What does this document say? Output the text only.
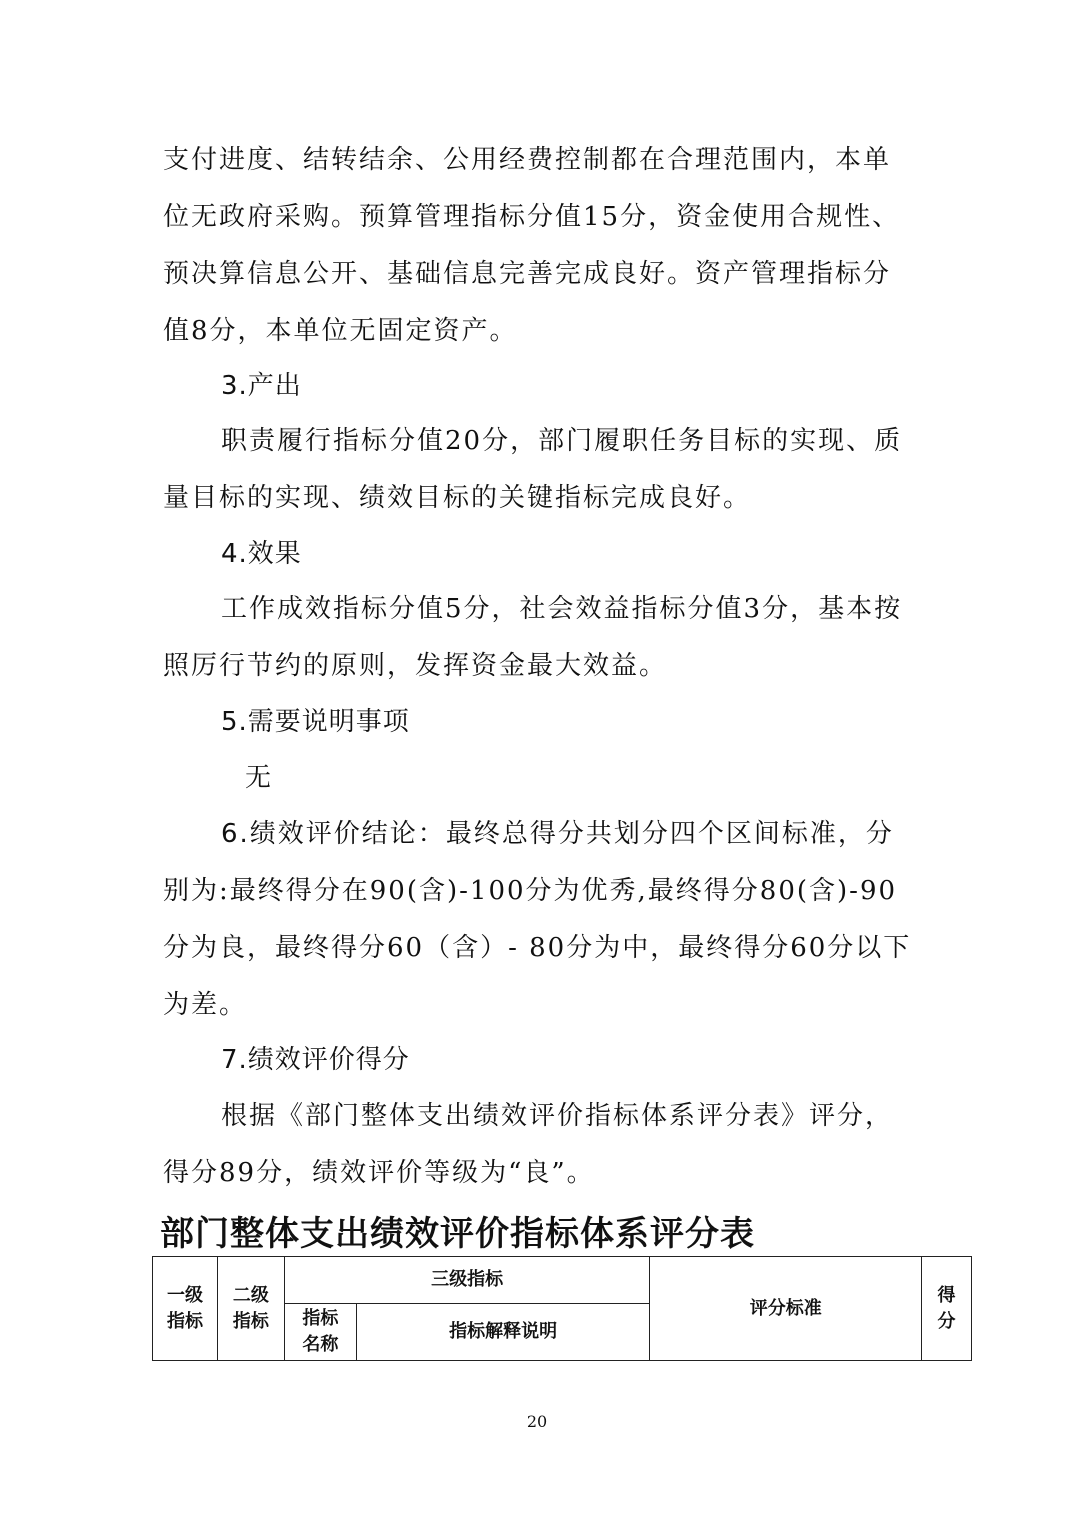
支付进度、结转结余、公用经费控制都在合理范围内，本单位无政府采购。预算管理指标分值15分，资金使用合规性、预决算信息公开、基础信息完善完成良好。资产管理指标分值8分，本单位无固定资产。

3.产出

职责履行指标分值20分，部门履职任务目标的实现、质量目标的实现、绩效目标的关键指标完成良好。

4.效果

工作成效指标分值5分，社会效益指标分值3分，基本按照厉行节约的原则，发挥资金最大效益。

5.需要说明事项

无

6.绩效评价结论：最终总得分共划分四个区间标准，分别为:最终得分在90(含)-100分为优秀,最终得分80(含)-90分为良，最终得分60（含）- 80分为中，最终得分60分以下为差。

7.绩效评价得分

根据《部门整体支出绩效评价指标体系评分表》评分，得分89分，绩效评价等级为“良”。

部门整体支出绩效评价指标体系评分表
一级指标	二级指标	三级指标		评分标准	得分

		指标名称	指标解释说明		
20
